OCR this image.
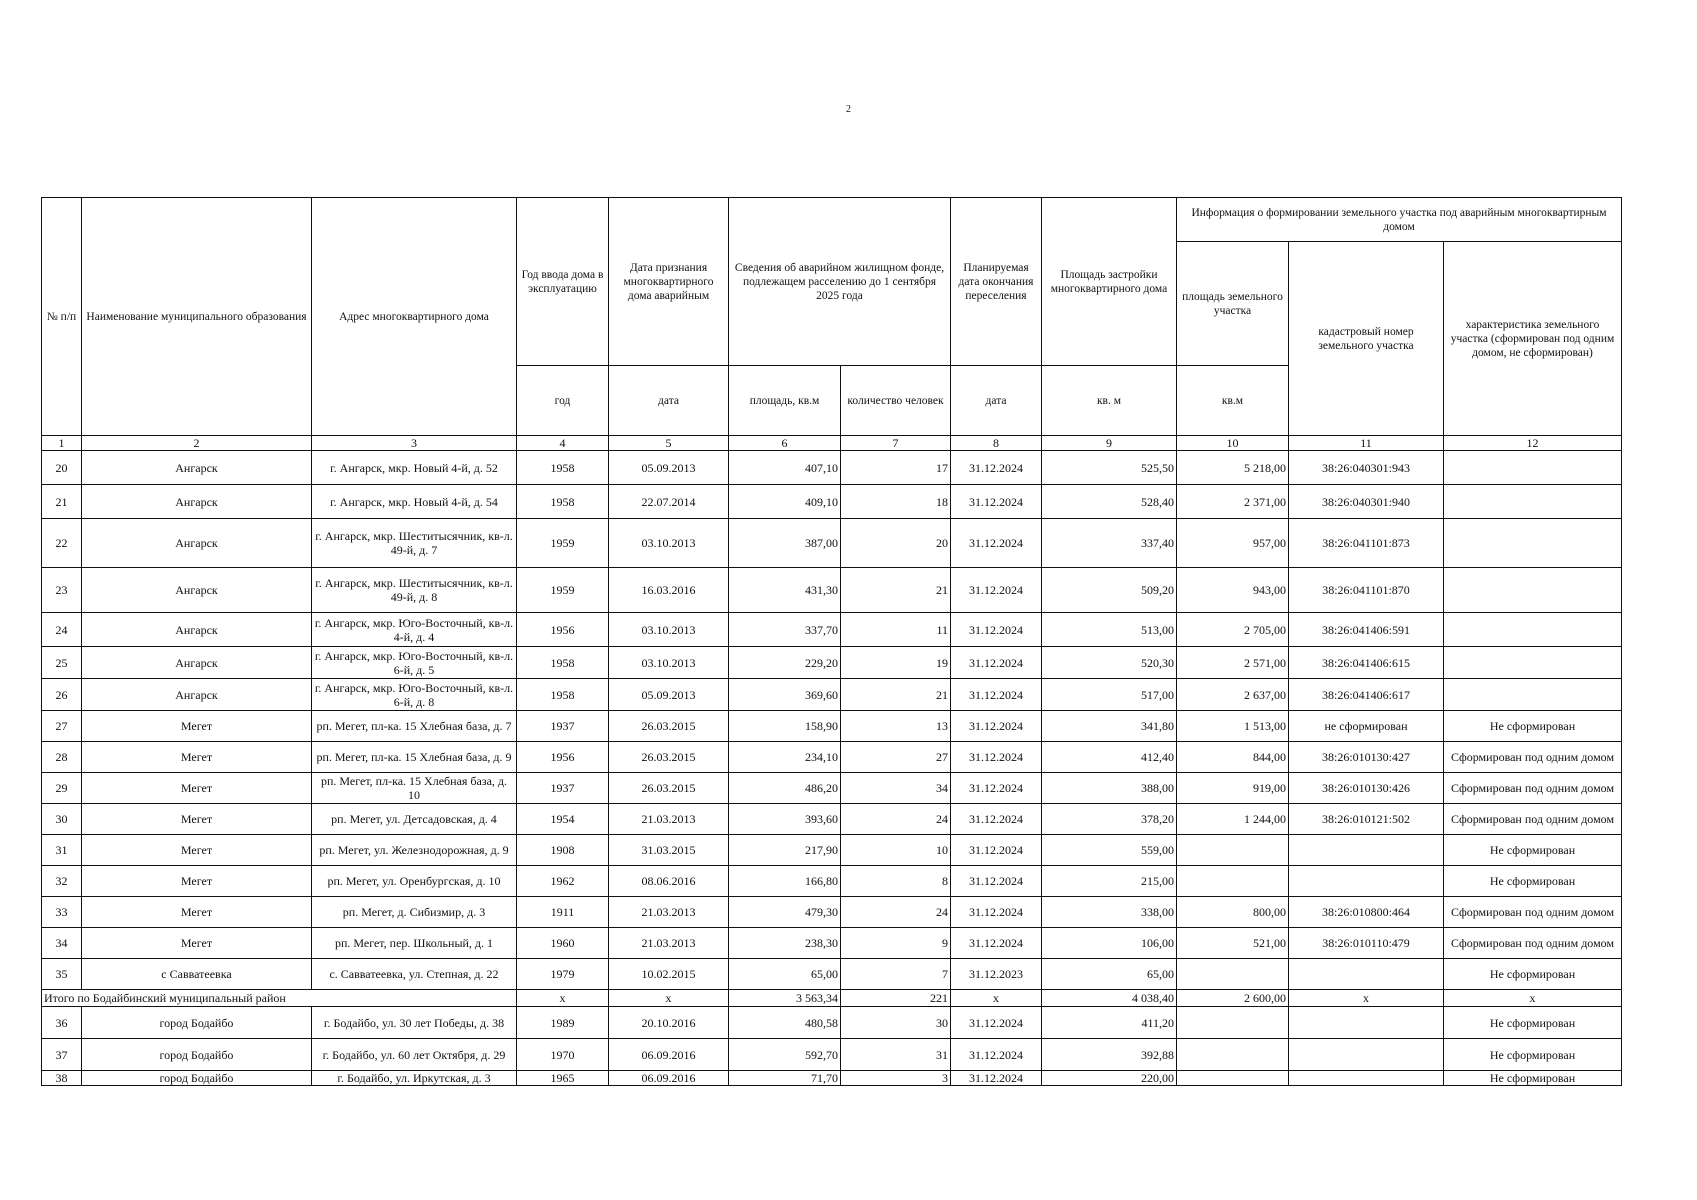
2
№ п/п	Наименование муниципального образования	Адрес многоквартирного дома	Год ввода дома в эксплуатацию	Дата признания многоквартирного дома аварийным	Сведения об аварийном жилищном фонде, подлежащем расселению до 1 сентября 2025 года		Планируемая дата окончания переселения	Площадь застройки многоквартирного дома	Информация о формировании земельного участка под аварийным многоквартирным домом		
									площадь земельного участка	кадастровый номер земельного участка	характеристика земельного участка (сформирован под одним домом, не сформирован)
			год	дата	площадь, кв.м	количество человек	дата	кв. м	кв.м		
1	2	3	4	5	6	7	8	9	10	11	12
20	Ангарск	г. Ангарск, мкр. Новый 4-й, д. 52	1958	05.09.2013	407,10	17	31.12.2024	525,50	5 218,00	38:26:040301:943	
21	Ангарск	г. Ангарск, мкр. Новый 4-й, д. 54	1958	22.07.2014	409,10	18	31.12.2024	528,40	2 371,00	38:26:040301:940	
22	Ангарск	г. Ангарск, мкр. Шеститысячник, кв-л. 49-й, д. 7	1959	03.10.2013	387,00	20	31.12.2024	337,40	957,00	38:26:041101:873	
23	Ангарск	г. Ангарск, мкр. Шеститысячник, кв-л. 49-й, д. 8	1959	16.03.2016	431,30	21	31.12.2024	509,20	943,00	38:26:041101:870	
24	Ангарск	г. Ангарск, мкр. Юго-Восточный, кв-л. 4-й, д. 4	1956	03.10.2013	337,70	11	31.12.2024	513,00	2 705,00	38:26:041406:591	
25	Ангарск	г. Ангарск, мкр. Юго-Восточный, кв-л. 6-й, д. 5	1958	03.10.2013	229,20	19	31.12.2024	520,30	2 571,00	38:26:041406:615	
26	Ангарск	г. Ангарск, мкр. Юго-Восточный, кв-л. 6-й, д. 8	1958	05.09.2013	369,60	21	31.12.2024	517,00	2 637,00	38:26:041406:617	
27	Мегет	рп. Мегет, пл-ка. 15 Хлебная база, д. 7	1937	26.03.2015	158,90	13	31.12.2024	341,80	1 513,00	не сформирован	Не сформирован
28	Мегет	рп. Мегет, пл-ка. 15 Хлебная база, д. 9	1956	26.03.2015	234,10	27	31.12.2024	412,40	844,00	38:26:010130:427	Сформирован под одним домом
29	Мегет	рп. Мегет, пл-ка. 15 Хлебная база, д. 10	1937	26.03.2015	486,20	34	31.12.2024	388,00	919,00	38:26:010130:426	Сформирован под одним домом
30	Мегет	рп. Мегет, ул. Детсадовская, д. 4	1954	21.03.2013	393,60	24	31.12.2024	378,20	1 244,00	38:26:010121:502	Сформирован под одним домом
31	Мегет	рп. Мегет, ул. Железнодорожная, д. 9	1908	31.03.2015	217,90	10	31.12.2024	559,00			Не сформирован
32	Мегет	рп. Мегет, ул. Оренбургская, д. 10	1962	08.06.2016	166,80	8	31.12.2024	215,00			Не сформирован
33	Мегет	рп. Мегет, д. Сибизмир, д. 3	1911	21.03.2013	479,30	24	31.12.2024	338,00	800,00	38:26:010800:464	Сформирован под одним домом
34	Мегет	рп. Мегет, пер. Школьный, д. 1	1960	21.03.2013	238,30	9	31.12.2024	106,00	521,00	38:26:010110:479	Сформирован под одним домом
35	с Савватеевка	с. Савватеевка, ул. Степная, д. 22	1979	10.02.2015	65,00	7	31.12.2023	65,00			Не сформирован
Итого по Бодайбинский муниципальный район			х	х	3 563,34	221	х	4 038,40	2 600,00	х	х
36	город Бодайбо	г. Бодайбо, ул. 30 лет Победы, д. 38	1989	20.10.2016	480,58	30	31.12.2024	411,20			Не сформирован
37	город Бодайбо	г. Бодайбо, ул. 60 лет Октября, д. 29	1970	06.09.2016	592,70	31	31.12.2024	392,88			Не сформирован
38	город Бодайбо	г. Бодайбо, ул. Иркутская, д. 3	1965	06.09.2016	71,70	3	31.12.2024	220,00			Не сформирован
